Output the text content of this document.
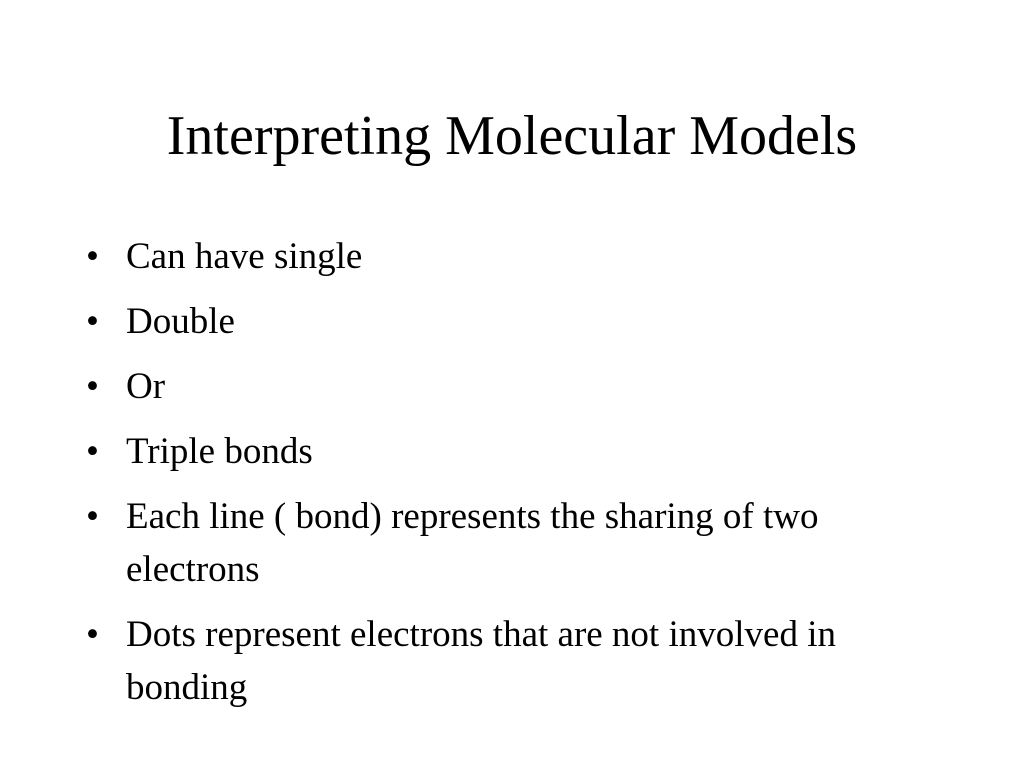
Interpreting Molecular Models
• Can have single
• Double
• Or
• Triple bonds
• Each line ( bond) represents the sharing of two electrons
• Dots represent electrons that are not involved in bonding
